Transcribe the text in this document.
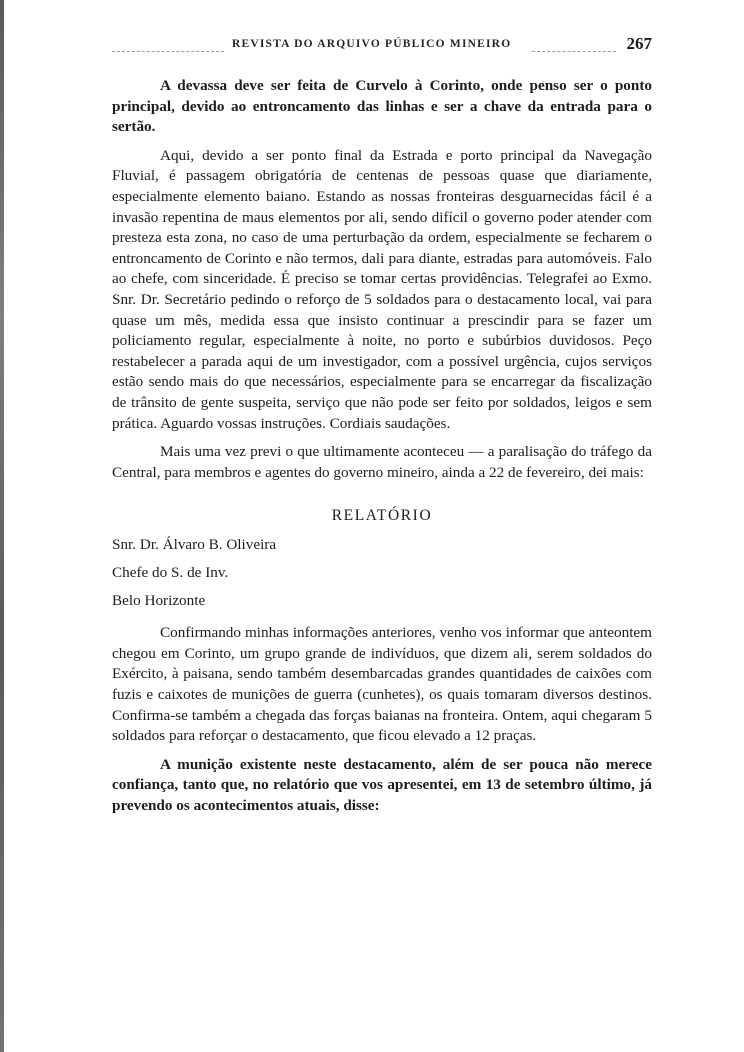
REVISTA DO ARQUIVO PÚBLICO MINEIRO	267

A devassa deve ser feita de Curvelo à Corinto, onde penso ser o ponto principal, devido ao entroncamento das linhas e ser a chave da entrada para o sertão.

Aqui, devido a ser ponto final da Estrada e porto principal da Navegação Fluvial, é passagem obrigatória de centenas de pessoas quase que diariamente, especialmente elemento baiano. Estando as nossas fronteiras desguarnecidas fácil é a invasão repentina de maus elementos por ali, sendo difícil o governo poder atender com presteza esta zona, no caso de uma perturbação da ordem, especialmente se fecharem o entroncamento de Corinto e não termos, dali para diante, estradas para automóveis. Falo ao chefe, com sinceridade. É preciso se tomar certas providências. Telegrafei ao Exmo. Snr. Dr. Secretário pedindo o reforço de 5 soldados para o destacamento local, vai para quase um mês, medida essa que insisto continuar a prescindir para se fazer um policiamento regular, especialmente à noite, no porto e subúrbios duvidosos. Peço restabelecer a parada aqui de um investigador, com a possível urgência, cujos serviços estão sendo mais do que necessários, especialmente para se encarregar da fiscalização de trânsito de gente suspeita, serviço que não pode ser feito por soldados, leigos e sem prática. Aguardo vossas instruções. Cordiais saudações.

Mais uma vez previ o que ultimamente aconteceu — a paralisação do tráfego da Central, para membros e agentes do governo mineiro, ainda a 22 de fevereiro, dei mais:

RELATÓRIO

Snr. Dr. Álvaro B. Oliveira

Chefe do S. de Inv.

Belo Horizonte

Confirmando minhas informações anteriores, venho vos informar que anteontem chegou em Corinto, um grupo grande de indivíduos, que dizem ali, serem soldados do Exército, à paisana, sendo também desembarcadas grandes quantidades de caixões com fuzis e caixotes de munições de guerra (cunhetes), os quais tomaram diversos destinos. Confirma-se também a chegada das forças baianas na fronteira. Ontem, aqui chegaram 5 soldados para reforçar o destacamento, que ficou elevado a 12 praças.

A munição existente neste destacamento, além de ser pouca não merece confiança, tanto que, no relatório que vos apresentei, em 13 de setembro último, já prevendo os acontecimentos atuais, disse:
